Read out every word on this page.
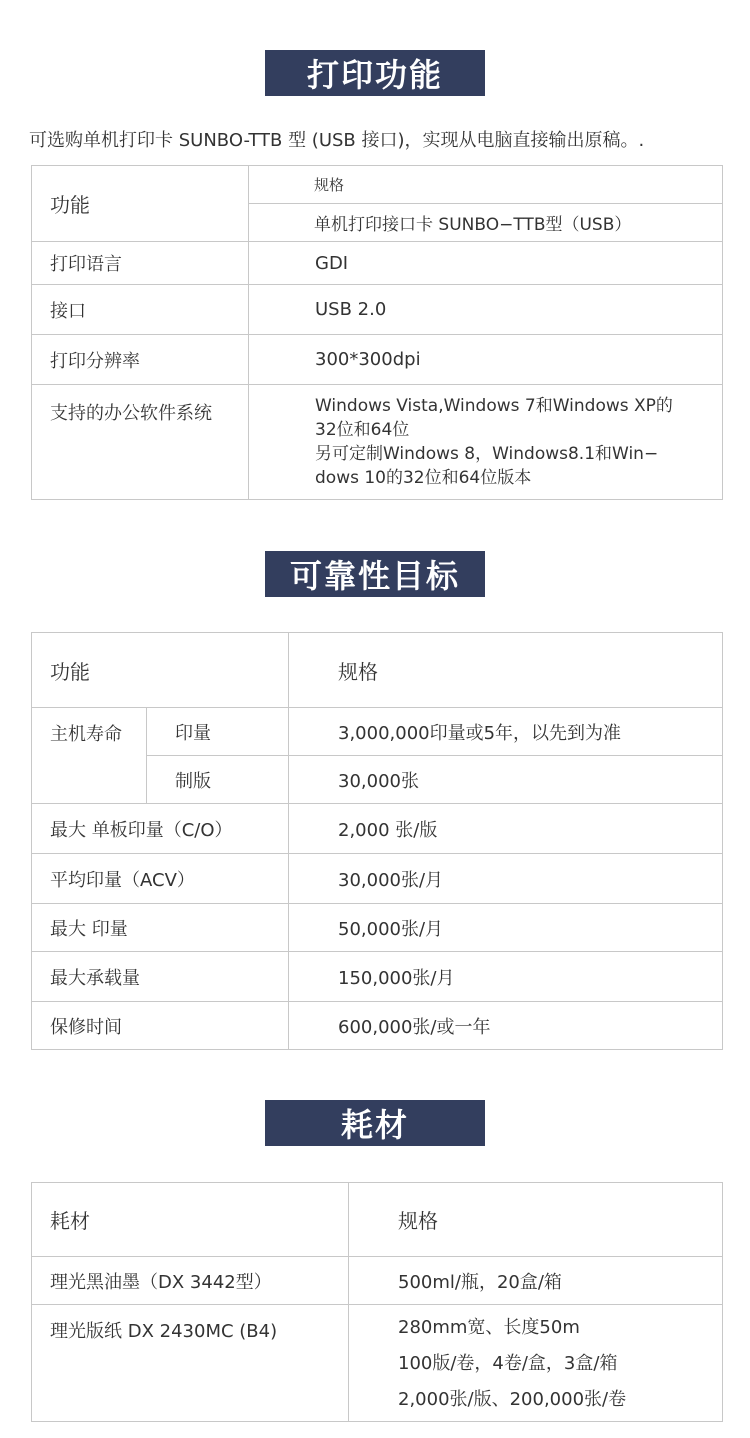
打印功能
可选购单机打印卡 SUNBO-TTB 型 (USB 接口)，实现从电脑直接输出原稿。.
功能	规格
	单机打印接口卡 SUNBO−TTB型（USB）
打印语言	GDI
接口	USB 2.0
打印分辨率	300*300dpi
支持的办公软件系统	Windows Vista,Windows 7和Windows XP的
32位和64位
另可定制Windows 8，Windows8.1和Win−
dows 10的32位和64位版本
可靠性目标
功能		规格
主机寿命	印量	3,000,000印量或5年，以先到为准
	制版	30,000张
最大 单板印量（C/O）		2,000 张/版
平均印量（ACV）		30,000张/月
最大 印量		50,000张/月
最大承载量		150,000张/月
保修时间		600,000张/或一年
耗材
耗材	规格
理光黑油墨（DX 3442型）	500ml/瓶，20盒/箱
理光版纸 DX 2430MC (B4)	280mm宽、长度50m
100版/卷，4卷/盒，3盒/箱
2,000张/版、200,000张/卷
